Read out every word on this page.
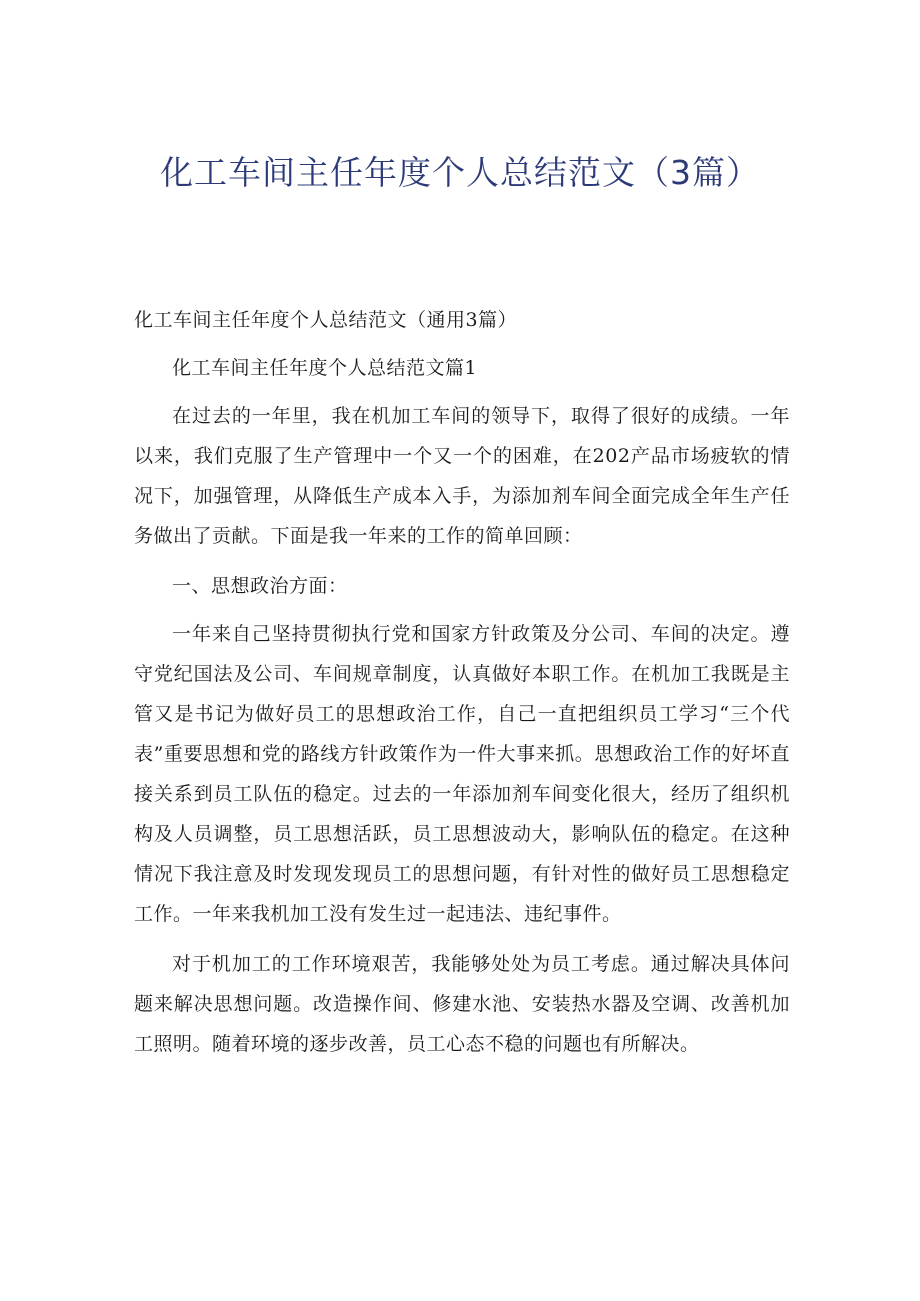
化工车间主任年度个人总结范文（3篇）

化工车间主任年度个人总结范文（通用3篇）

化工车间主任年度个人总结范文篇1

在过去的一年里，我在机加工车间的领导下，取得了很好的成绩。一年以来，我们克服了生产管理中一个又一个的困难，在202产品市场疲软的情况下，加强管理，从降低生产成本入手，为添加剂车间全面完成全年生产任务做出了贡献。下面是我一年来的工作的简单回顾：

一、思想政治方面：

一年来自己坚持贯彻执行党和国家方针政策及分公司、车间的决定。遵守党纪国法及公司、车间规章制度，认真做好本职工作。在机加工我既是主管又是书记为做好员工的思想政治工作，自己一直把组织员工学习“三个代表”重要思想和党的路线方针政策作为一件大事来抓。思想政治工作的好坏直接关系到员工队伍的稳定。过去的一年添加剂车间变化很大，经历了组织机构及人员调整，员工思想活跃，员工思想波动大，影响队伍的稳定。在这种情况下我注意及时发现发现员工的思想问题，有针对性的做好员工思想稳定工作。一年来我机加工没有发生过一起违法、违纪事件。

对于机加工的工作环境艰苦，我能够处处为员工考虑。通过解决具体问题来解决思想问题。改造操作间、修建水池、安装热水器及空调、改善机加工照明。随着环境的逐步改善，员工心态不稳的问题也有所解决。
